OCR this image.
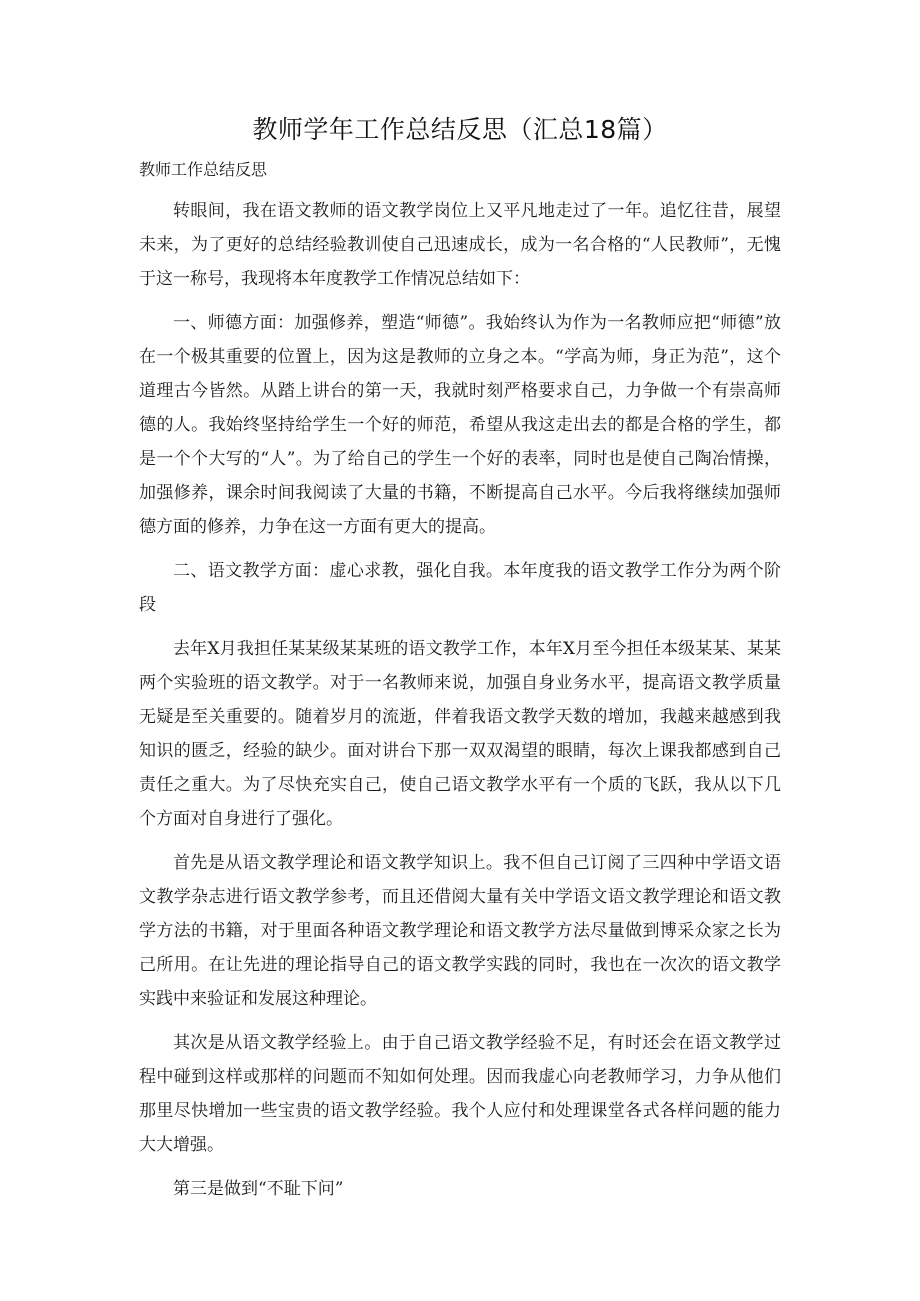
教师学年工作总结反思（汇总18篇）

教师工作总结反思

转眼间，我在语文教师的语文教学岗位上又平凡地走过了一年。追忆往昔，展望未来，为了更好的总结经验教训使自己迅速成长，成为一名合格的“人民教师”，无愧于这一称号，我现将本年度教学工作情况总结如下：

一、师德方面：加强修养，塑造“师德”。我始终认为作为一名教师应把“师德”放在一个极其重要的位置上，因为这是教师的立身之本。“学高为师，身正为范”，这个道理古今皆然。从踏上讲台的第一天，我就时刻严格要求自己，力争做一个有崇高师德的人。我始终坚持给学生一个好的师范，希望从我这走出去的都是合格的学生，都是一个个大写的“人”。为了给自己的学生一个好的表率，同时也是使自己陶冶情操，加强修养，课余时间我阅读了大量的书籍，不断提高自己水平。今后我将继续加强师德方面的修养，力争在这一方面有更大的提高。

二、语文教学方面：虚心求教，强化自我。本年度我的语文教学工作分为两个阶段

去年X月我担任某某级某某班的语文教学工作，本年X月至今担任本级某某、某某两个实验班的语文教学。对于一名教师来说，加强自身业务水平，提高语文教学质量无疑是至关重要的。随着岁月的流逝，伴着我语文教学天数的增加，我越来越感到我知识的匮乏，经验的缺少。面对讲台下那一双双渴望的眼睛，每次上课我都感到自己责任之重大。为了尽快充实自己，使自己语文教学水平有一个质的飞跃，我从以下几个方面对自身进行了强化。

首先是从语文教学理论和语文教学知识上。我不但自己订阅了三四种中学语文语文教学杂志进行语文教学参考，而且还借阅大量有关中学语文语文教学理论和语文教学方法的书籍，对于里面各种语文教学理论和语文教学方法尽量做到博采众家之长为己所用。在让先进的理论指导自己的语文教学实践的同时，我也在一次次的语文教学实践中来验证和发展这种理论。

其次是从语文教学经验上。由于自己语文教学经验不足，有时还会在语文教学过程中碰到这样或那样的问题而不知如何处理。因而我虚心向老教师学习，力争从他们那里尽快增加一些宝贵的语文教学经验。我个人应付和处理课堂各式各样问题的能力大大增强。

第三是做到“不耻下问”
